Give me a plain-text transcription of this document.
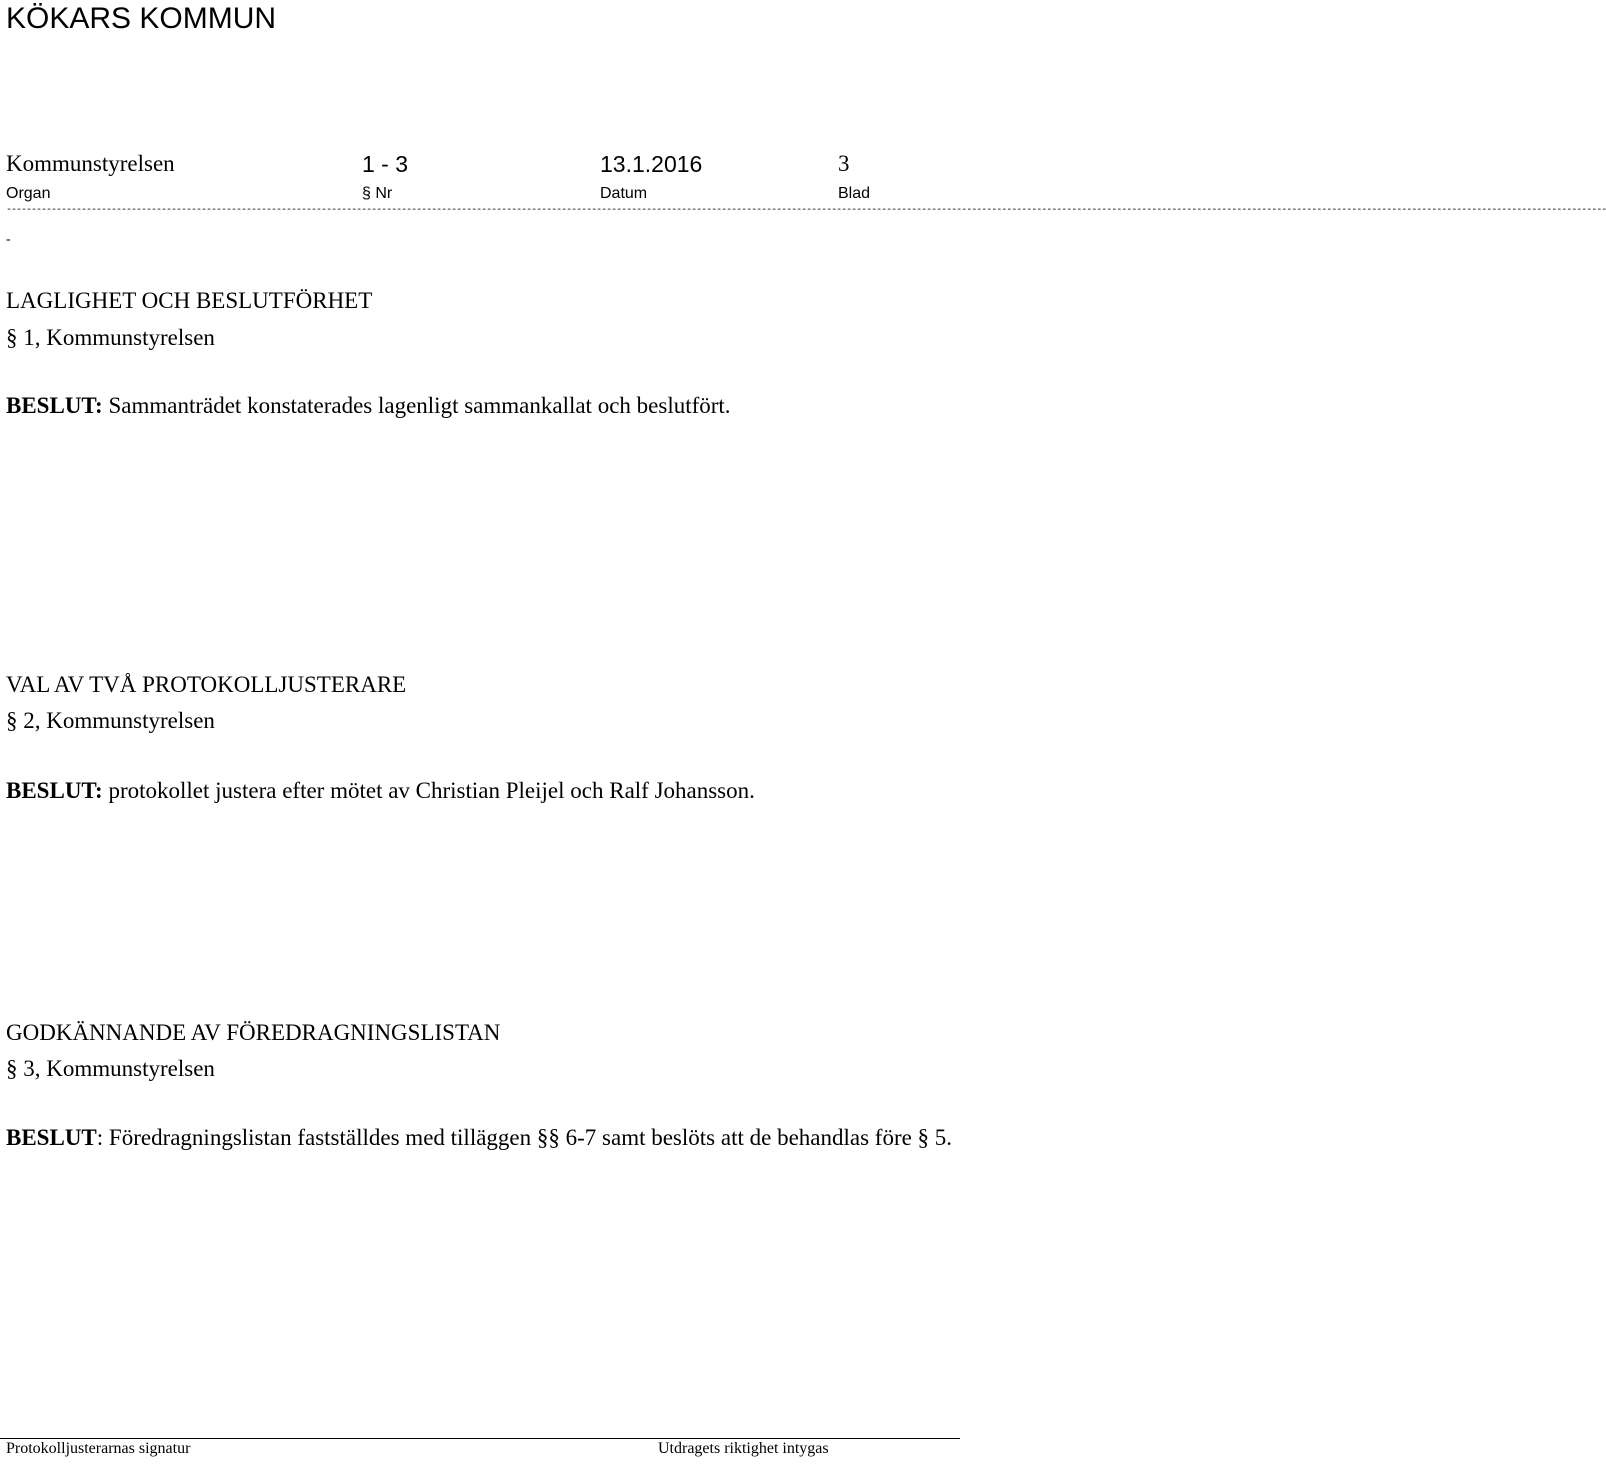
KÖKARS KOMMUN
Kommunstyrelsen	1 - 3	13.1.2016	3
Organ	§ Nr	Datum	Blad
--------------------------------------------------------------------------------------------------------------------------------------------------------------------------------------------------------------------------------------------------------------------------------------------------------------------------------
-
LAGLIGHET OCH BESLUTFÖRHET
§ 1, Kommunstyrelsen
BESLUT: Sammanträdet konstaterades lagenligt sammankallat och beslutfört.
VAL AV TVÅ PROTOKOLLJUSTERARE
§ 2, Kommunstyrelsen
BESLUT: protokollet justera efter mötet av Christian Pleijel och Ralf Johansson.
GODKÄNNANDE AV FÖREDRAGNINGSLISTAN
§ 3, Kommunstyrelsen
BESLUT: Föredragningslistan fastställdes med tilläggen §§ 6-7 samt beslöts att de behandlas före § 5.
Protokolljusterarnas signatur	Utdragets riktighet intygas
